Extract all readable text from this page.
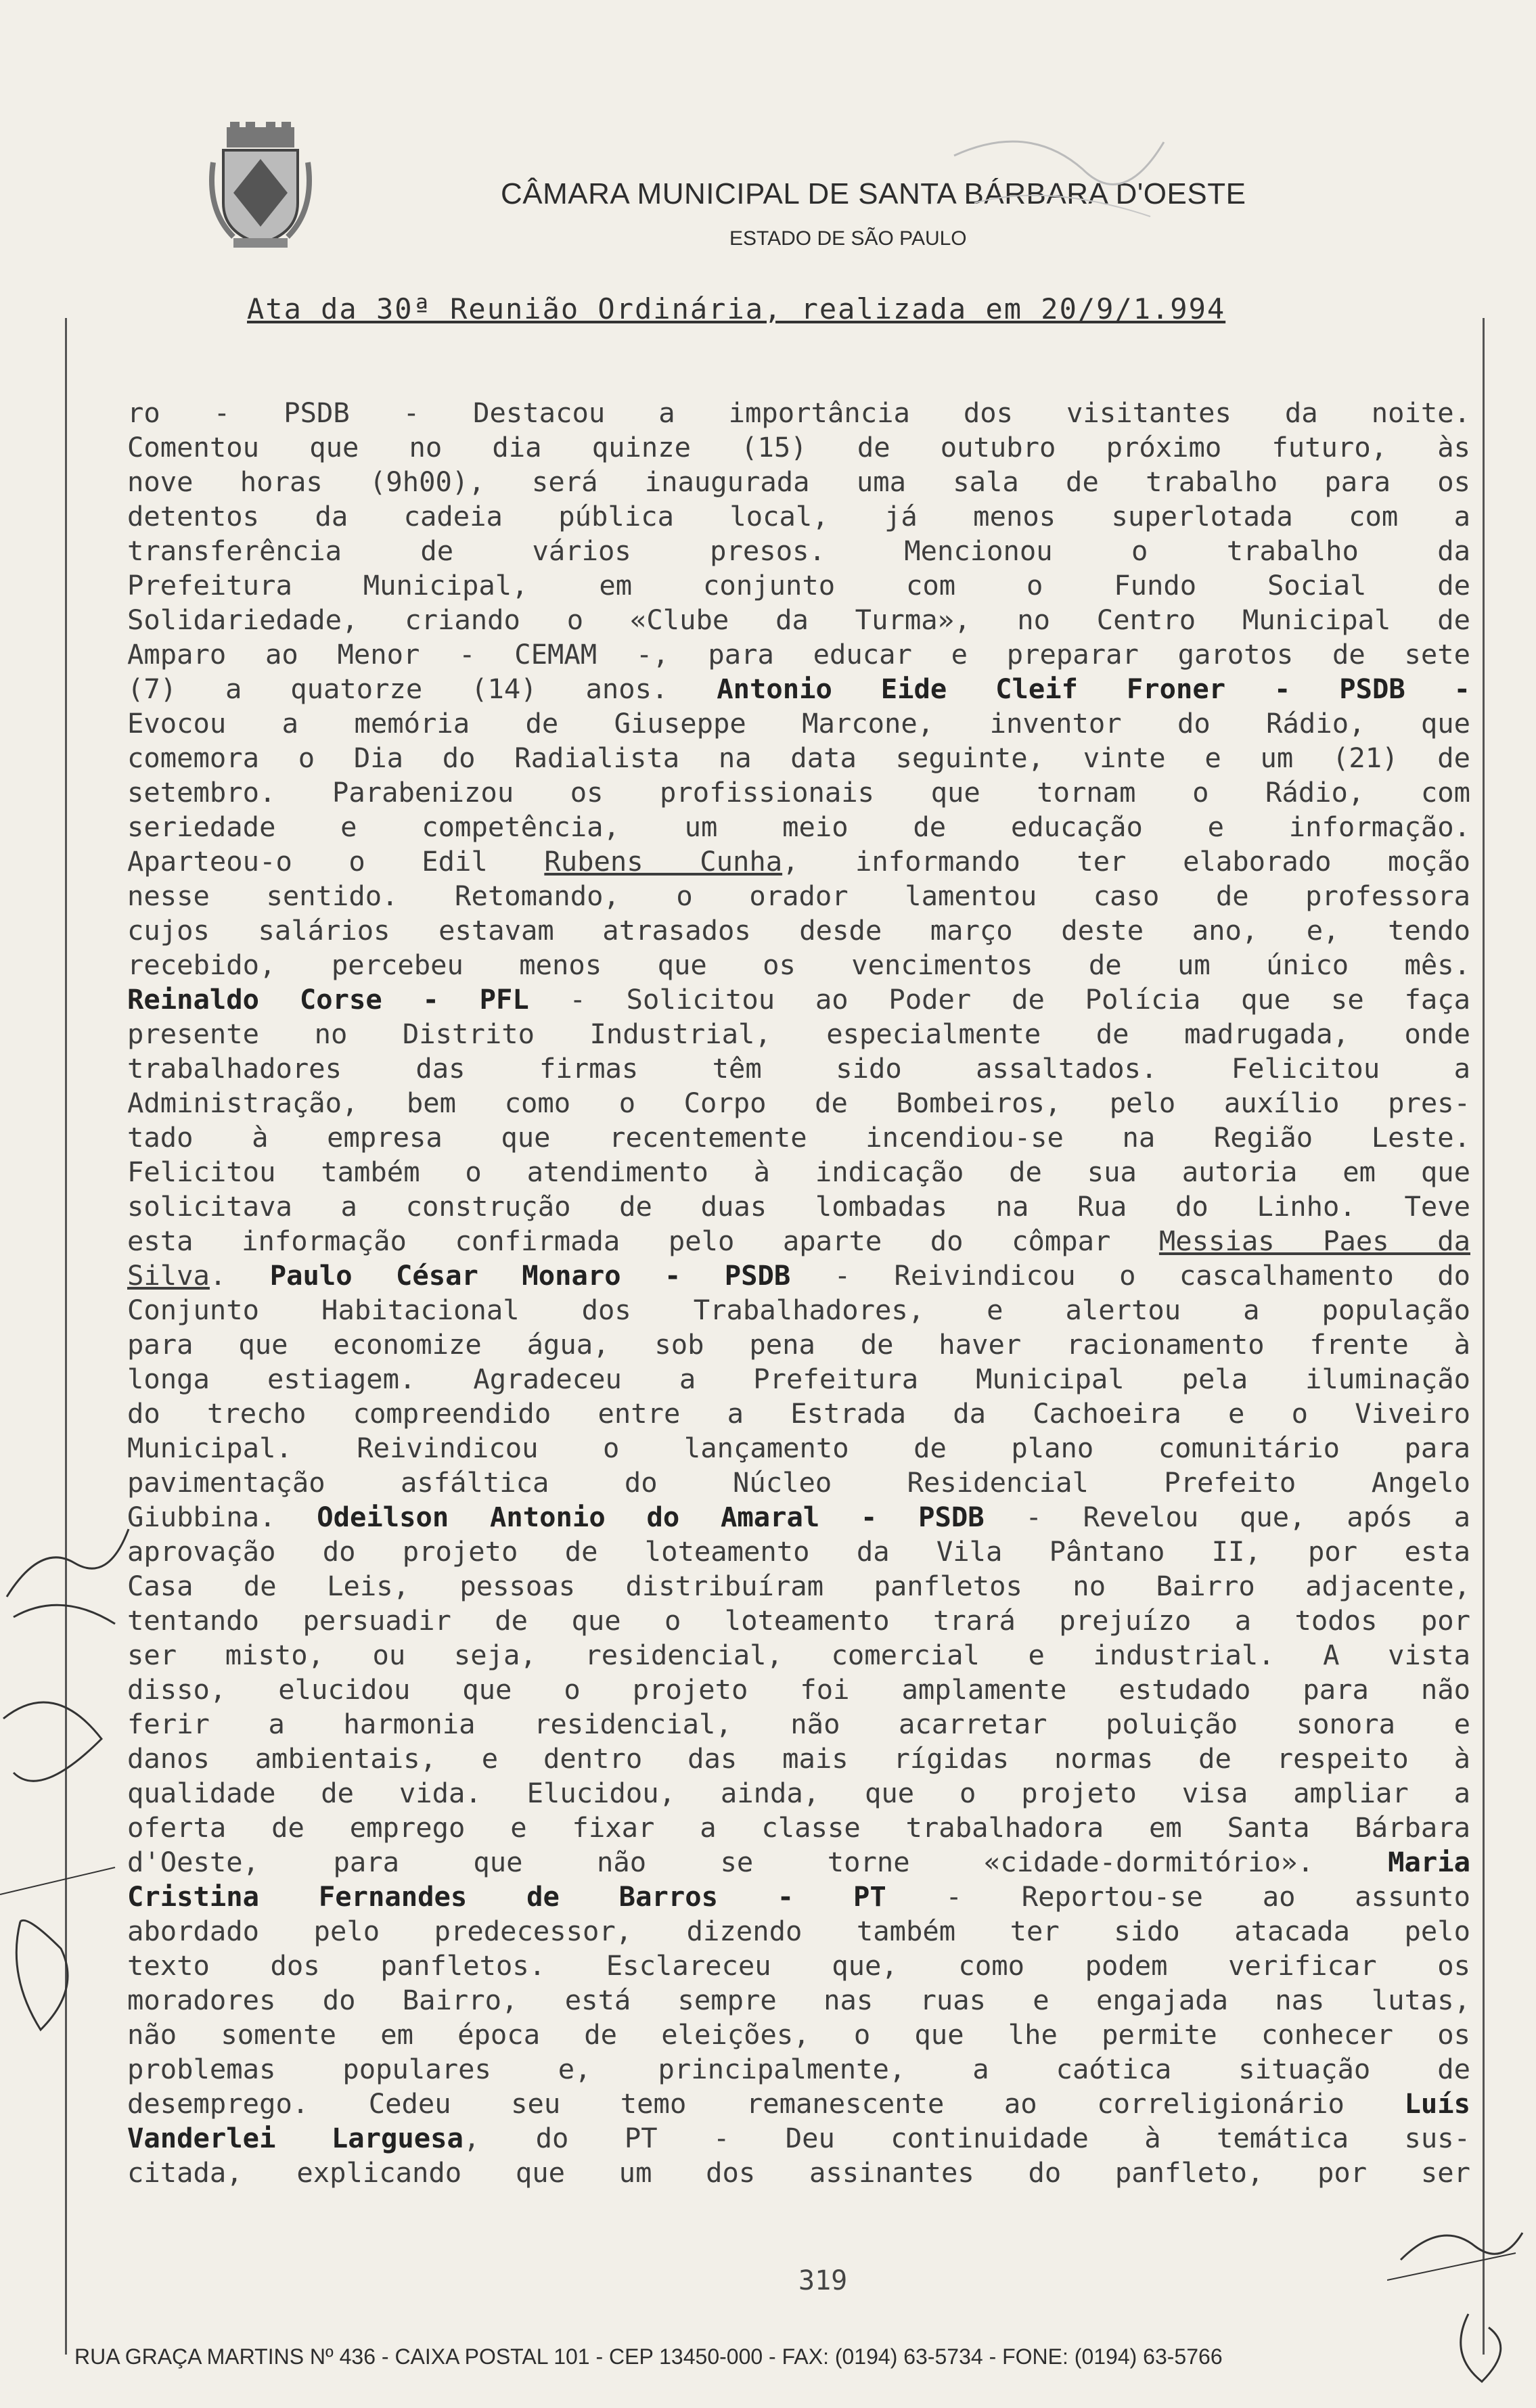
CÂMARA MUNICIPAL DE SANTA BÁRBARA D'OESTE
ESTADO DE SÃO PAULO
Ata da 30ª Reunião Ordinária, realizada em 20/9/1.994
ro - PSDB - Destacou a importância dos visitantes da noite.
Comentou que no dia quinze (15) de outubro próximo futuro, às
nove horas (9h00), será inaugurada uma sala de trabalho para os
detentos da cadeia pública local, já menos superlotada com a
transferência de vários presos. Mencionou o trabalho da
Prefeitura Municipal, em conjunto com o Fundo Social de
Solidariedade, criando o «Clube da Turma», no Centro Municipal de
Amparo ao Menor - CEMAM -, para educar e preparar garotos de sete
(7) a quatorze (14) anos. Antonio Eide Cleif Froner - PSDB -
Evocou a memória de Giuseppe Marcone, inventor do Rádio, que
comemora o Dia do Radialista na data seguinte, vinte e um (21) de
setembro. Parabenizou os profissionais que tornam o Rádio, com
seriedade e competência, um meio de educação e informação.
Aparteou-o o Edil Rubens Cunha, informando ter elaborado moção
nesse sentido. Retomando, o orador lamentou caso de professora
cujos salários estavam atrasados desde março deste ano, e, tendo
recebido, percebeu menos que os vencimentos de um único mês.
Reinaldo Corse - PFL - Solicitou ao Poder de Polícia que se faça
presente no Distrito Industrial, especialmente de madrugada, onde
trabalhadores das firmas têm sido assaltados. Felicitou a
Administração, bem como o Corpo de Bombeiros, pelo auxílio pres-
tado à empresa que recentemente incendiou-se na Região Leste.
Felicitou também o atendimento à indicação de sua autoria em que
solicitava a construção de duas lombadas na Rua do Linho. Teve
esta informação confirmada pelo aparte do cômpar Messias Paes da
Silva. Paulo César Monaro - PSDB - Reivindicou o cascalhamento do
Conjunto Habitacional dos Trabalhadores, e alertou a população
para que economize água, sob pena de haver racionamento frente à
longa estiagem. Agradeceu a Prefeitura Municipal pela iluminação
do trecho compreendido entre a Estrada da Cachoeira e o Viveiro
Municipal. Reivindicou o lançamento de plano comunitário para
pavimentação asfáltica do Núcleo Residencial Prefeito Angelo
Giubbina. Odeilson Antonio do Amaral - PSDB - Revelou que, após a
aprovação do projeto de loteamento da Vila Pântano II, por esta
Casa de Leis, pessoas distribuíram panfletos no Bairro adjacente,
tentando persuadir de que o loteamento trará prejuízo a todos por
ser misto, ou seja, residencial, comercial e industrial. A vista
disso, elucidou que o projeto foi amplamente estudado para não
ferir a harmonia residencial, não acarretar poluição sonora e
danos ambientais, e dentro das mais rígidas normas de respeito à
qualidade de vida. Elucidou, ainda, que o projeto visa ampliar a
oferta de emprego e fixar a classe trabalhadora em Santa Bárbara
d'Oeste, para que não se torne «cidade-dormitório». Maria
Cristina Fernandes de Barros - PT - Reportou-se ao assunto
abordado pelo predecessor, dizendo também ter sido atacada pelo
texto dos panfletos. Esclareceu que, como podem verificar os
moradores do Bairro, está sempre nas ruas e engajada nas lutas,
não somente em época de eleições, o que lhe permite conhecer os
problemas populares e, principalmente, a caótica situação de
desemprego. Cedeu seu temo remanescente ao correligionário Luís
Vanderlei Larguesa, do PT - Deu continuidade à temática sus-
citada, explicando que um dos assinantes do panfleto, por ser
319
RUA GRAÇA MARTINS Nº 436 - CAIXA POSTAL 101 - CEP 13450-000 - FAX: (0194) 63-5734 - FONE: (0194) 63-5766
